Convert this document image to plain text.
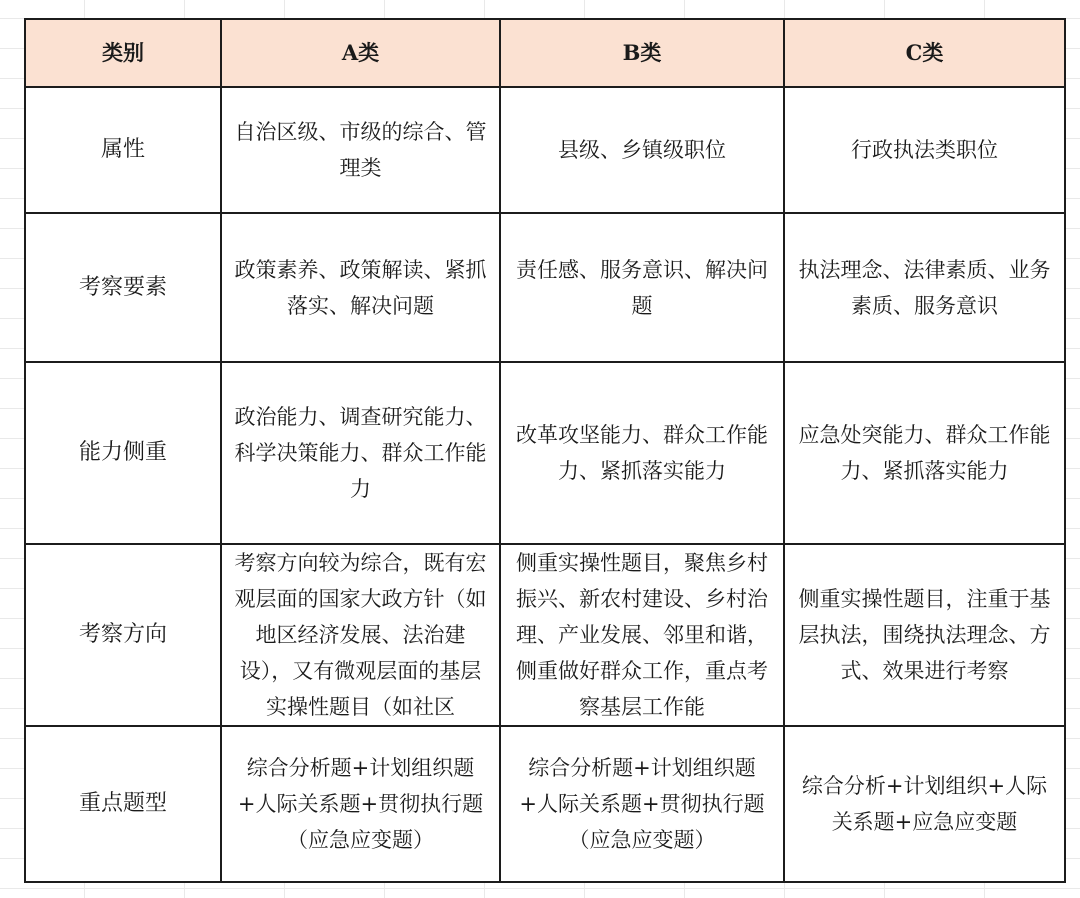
类别	A类	B类	C类
属性	自治区级、市级的综合、管理类	县级、乡镇级职位	行政执法类职位
考察要素	政策素养、政策解读、紧抓落实、解决问题	责任感、服务意识、解决问题	执法理念、法律素质、业务素质、服务意识
能力侧重	政治能力、调查研究能力、科学决策能力、群众工作能力	改革攻坚能力、群众工作能力、紧抓落实能力	应急处突能力、群众工作能力、紧抓落实能力
考察方向	考察方向较为综合，既有宏观层面的国家大政方针（如地区经济发展、法治建设），又有微观层面的基层实操性题目（如社区	侧重实操性题目，聚焦乡村振兴、新农村建设、乡村治理、产业发展、邻里和谐，侧重做好群众工作，重点考察基层工作能	侧重实操性题目，注重于基层执法，围绕执法理念、方式、效果进行考察
重点题型	综合分析题+计划组织题+人际关系题+贯彻执行题（应急应变题）	综合分析题+计划组织题+人际关系题+贯彻执行题（应急应变题）	综合分析+计划组织+人际关系题+应急应变题
